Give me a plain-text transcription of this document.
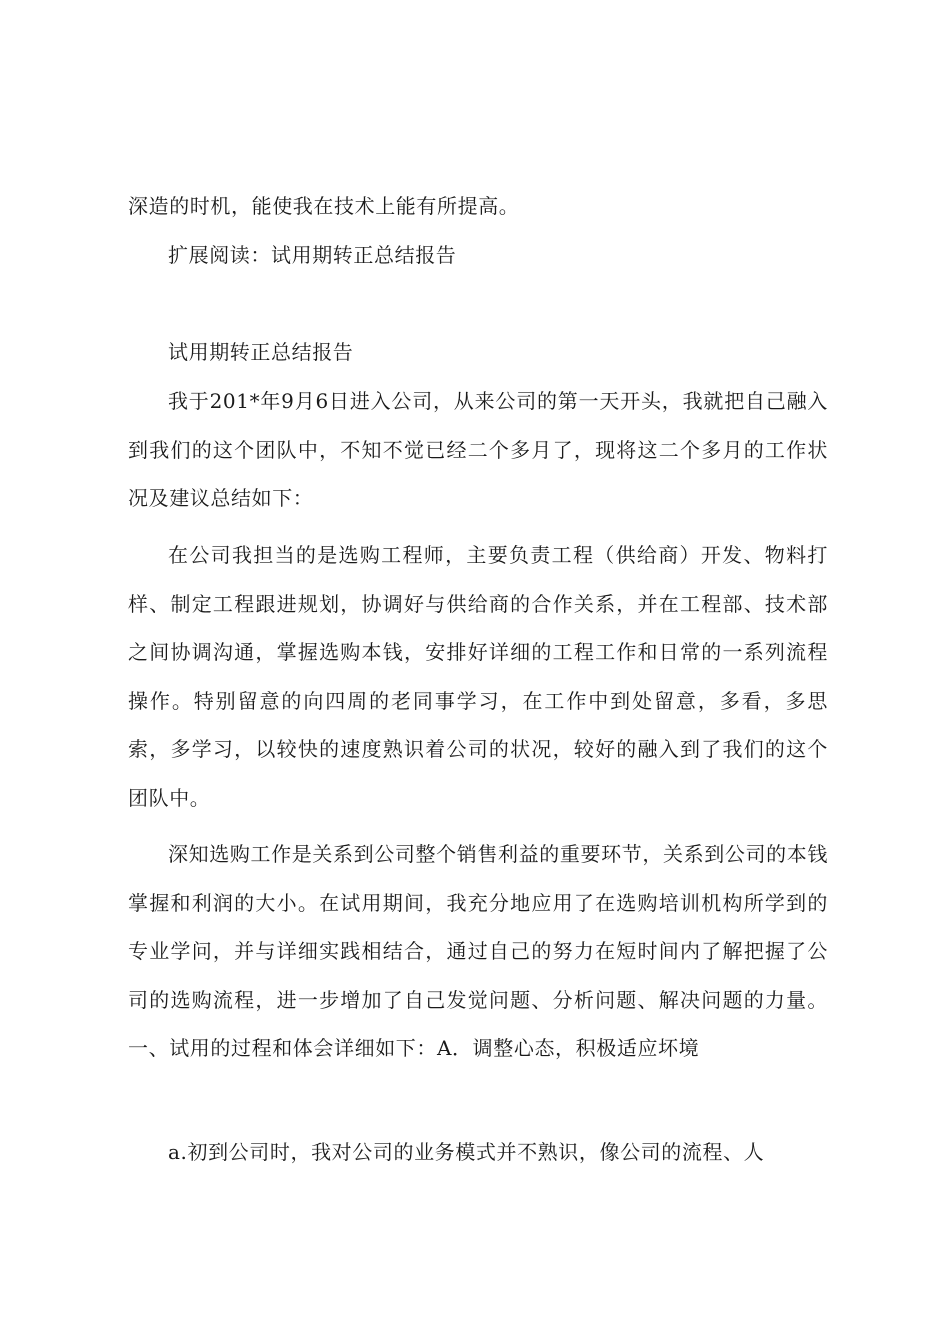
深造的时机，能使我在技术上能有所提高。

扩展阅读：试用期转正总结报告

试用期转正总结报告

我于201*年9月6日进入公司，从来公司的第一天开头，我就把自己融入到我们的这个团队中，不知不觉已经二个多月了，现将这二个多月的工作状况及建议总结如下：

在公司我担当的是选购工程师，主要负责工程（供给商）开发、物料打样、制定工程跟进规划，协调好与供给商的合作关系，并在工程部、技术部之间协调沟通，掌握选购本钱，安排好详细的工程工作和日常的一系列流程操作。特别留意的向四周的老同事学习，在工作中到处留意，多看，多思索，多学习，以较快的速度熟识着公司的状况，较好的融入到了我们的这个团队中。

深知选购工作是关系到公司整个销售利益的重要环节，关系到公司的本钱掌握和利润的大小。在试用期间，我充分地应用了在选购培训机构所学到的专业学问，并与详细实践相结合，通过自己的努力在短时间内了解把握了公司的选购流程，进一步增加了自己发觉问题、分析问题、解决问题的力量。一、试用的过程和体会详细如下：A．调整心态，积极适应坏境

a.初到公司时，我对公司的业务模式并不熟识，像公司的流程、人
